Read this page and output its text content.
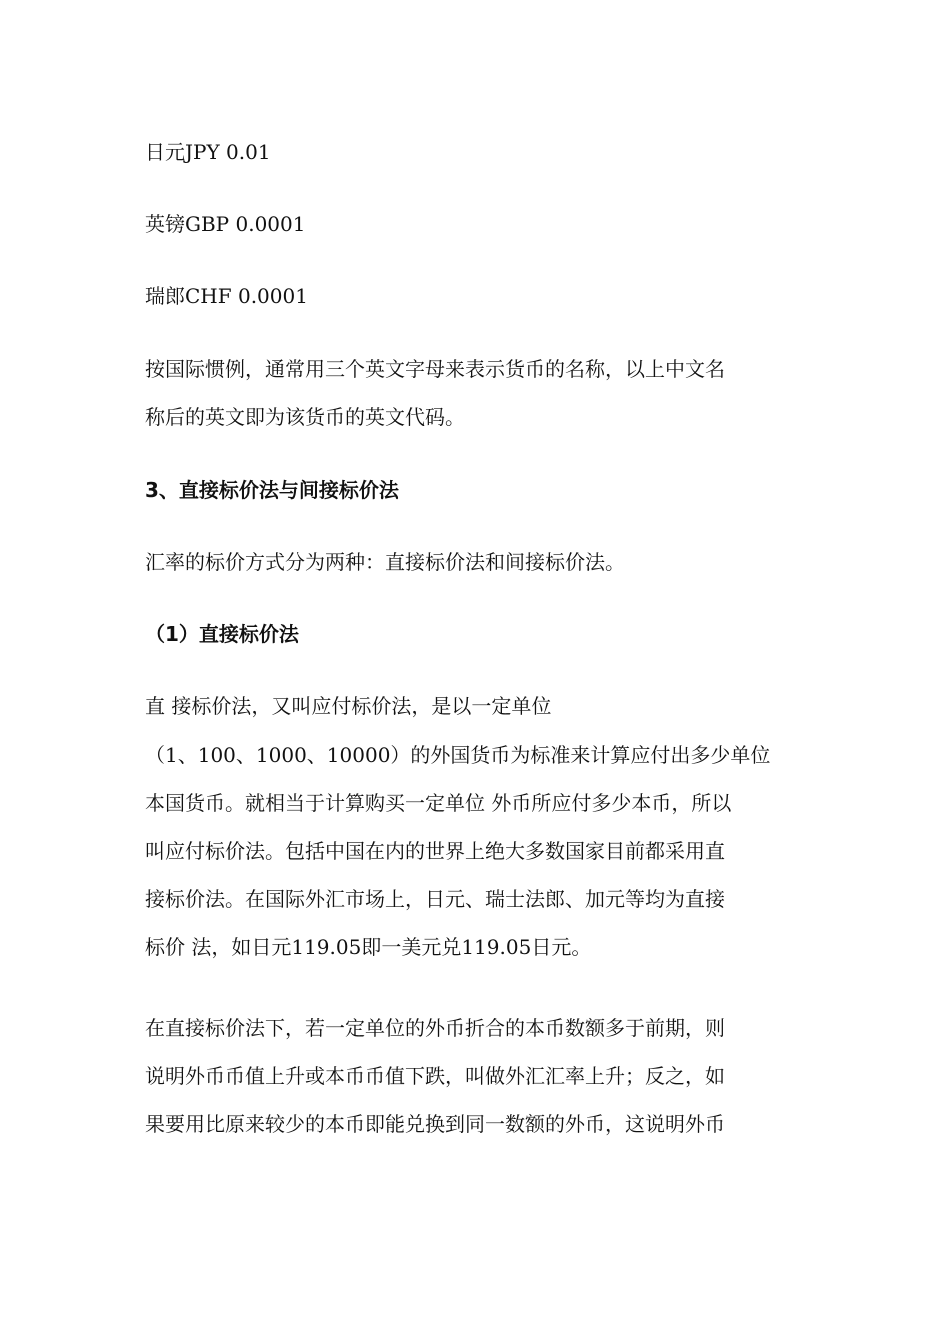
日元JPY 0.01
英镑GBP 0.0001
瑞郎CHF 0.0001
按国际惯例，通常用三个英文字母来表示货币的名称，以上中文名
称后的英文即为该货币的英文代码。
3、直接标价法与间接标价法
汇率的标价方式分为两种：直接标价法和间接标价法。
（1）直接标价法
直 接标价法，又叫应付标价法，是以一定单位
（1、100、1000、10000）的外国货币为标准来计算应付出多少单位
本国货币。就相当于计算购买一定单位 外币所应付多少本币，所以
叫应付标价法。包括中国在内的世界上绝大多数国家目前都采用直
接标价法。在国际外汇市场上，日元、瑞士法郎、加元等均为直接
标价 法，如日元119.05即一美元兑119.05日元。
在直接标价法下，若一定单位的外币折合的本币数额多于前期，则
说明外币币值上升或本币币值下跌，叫做外汇汇率上升；反之，如
果要用比原来较少的本币即能兑换到同一数额的外币，这说明外币
